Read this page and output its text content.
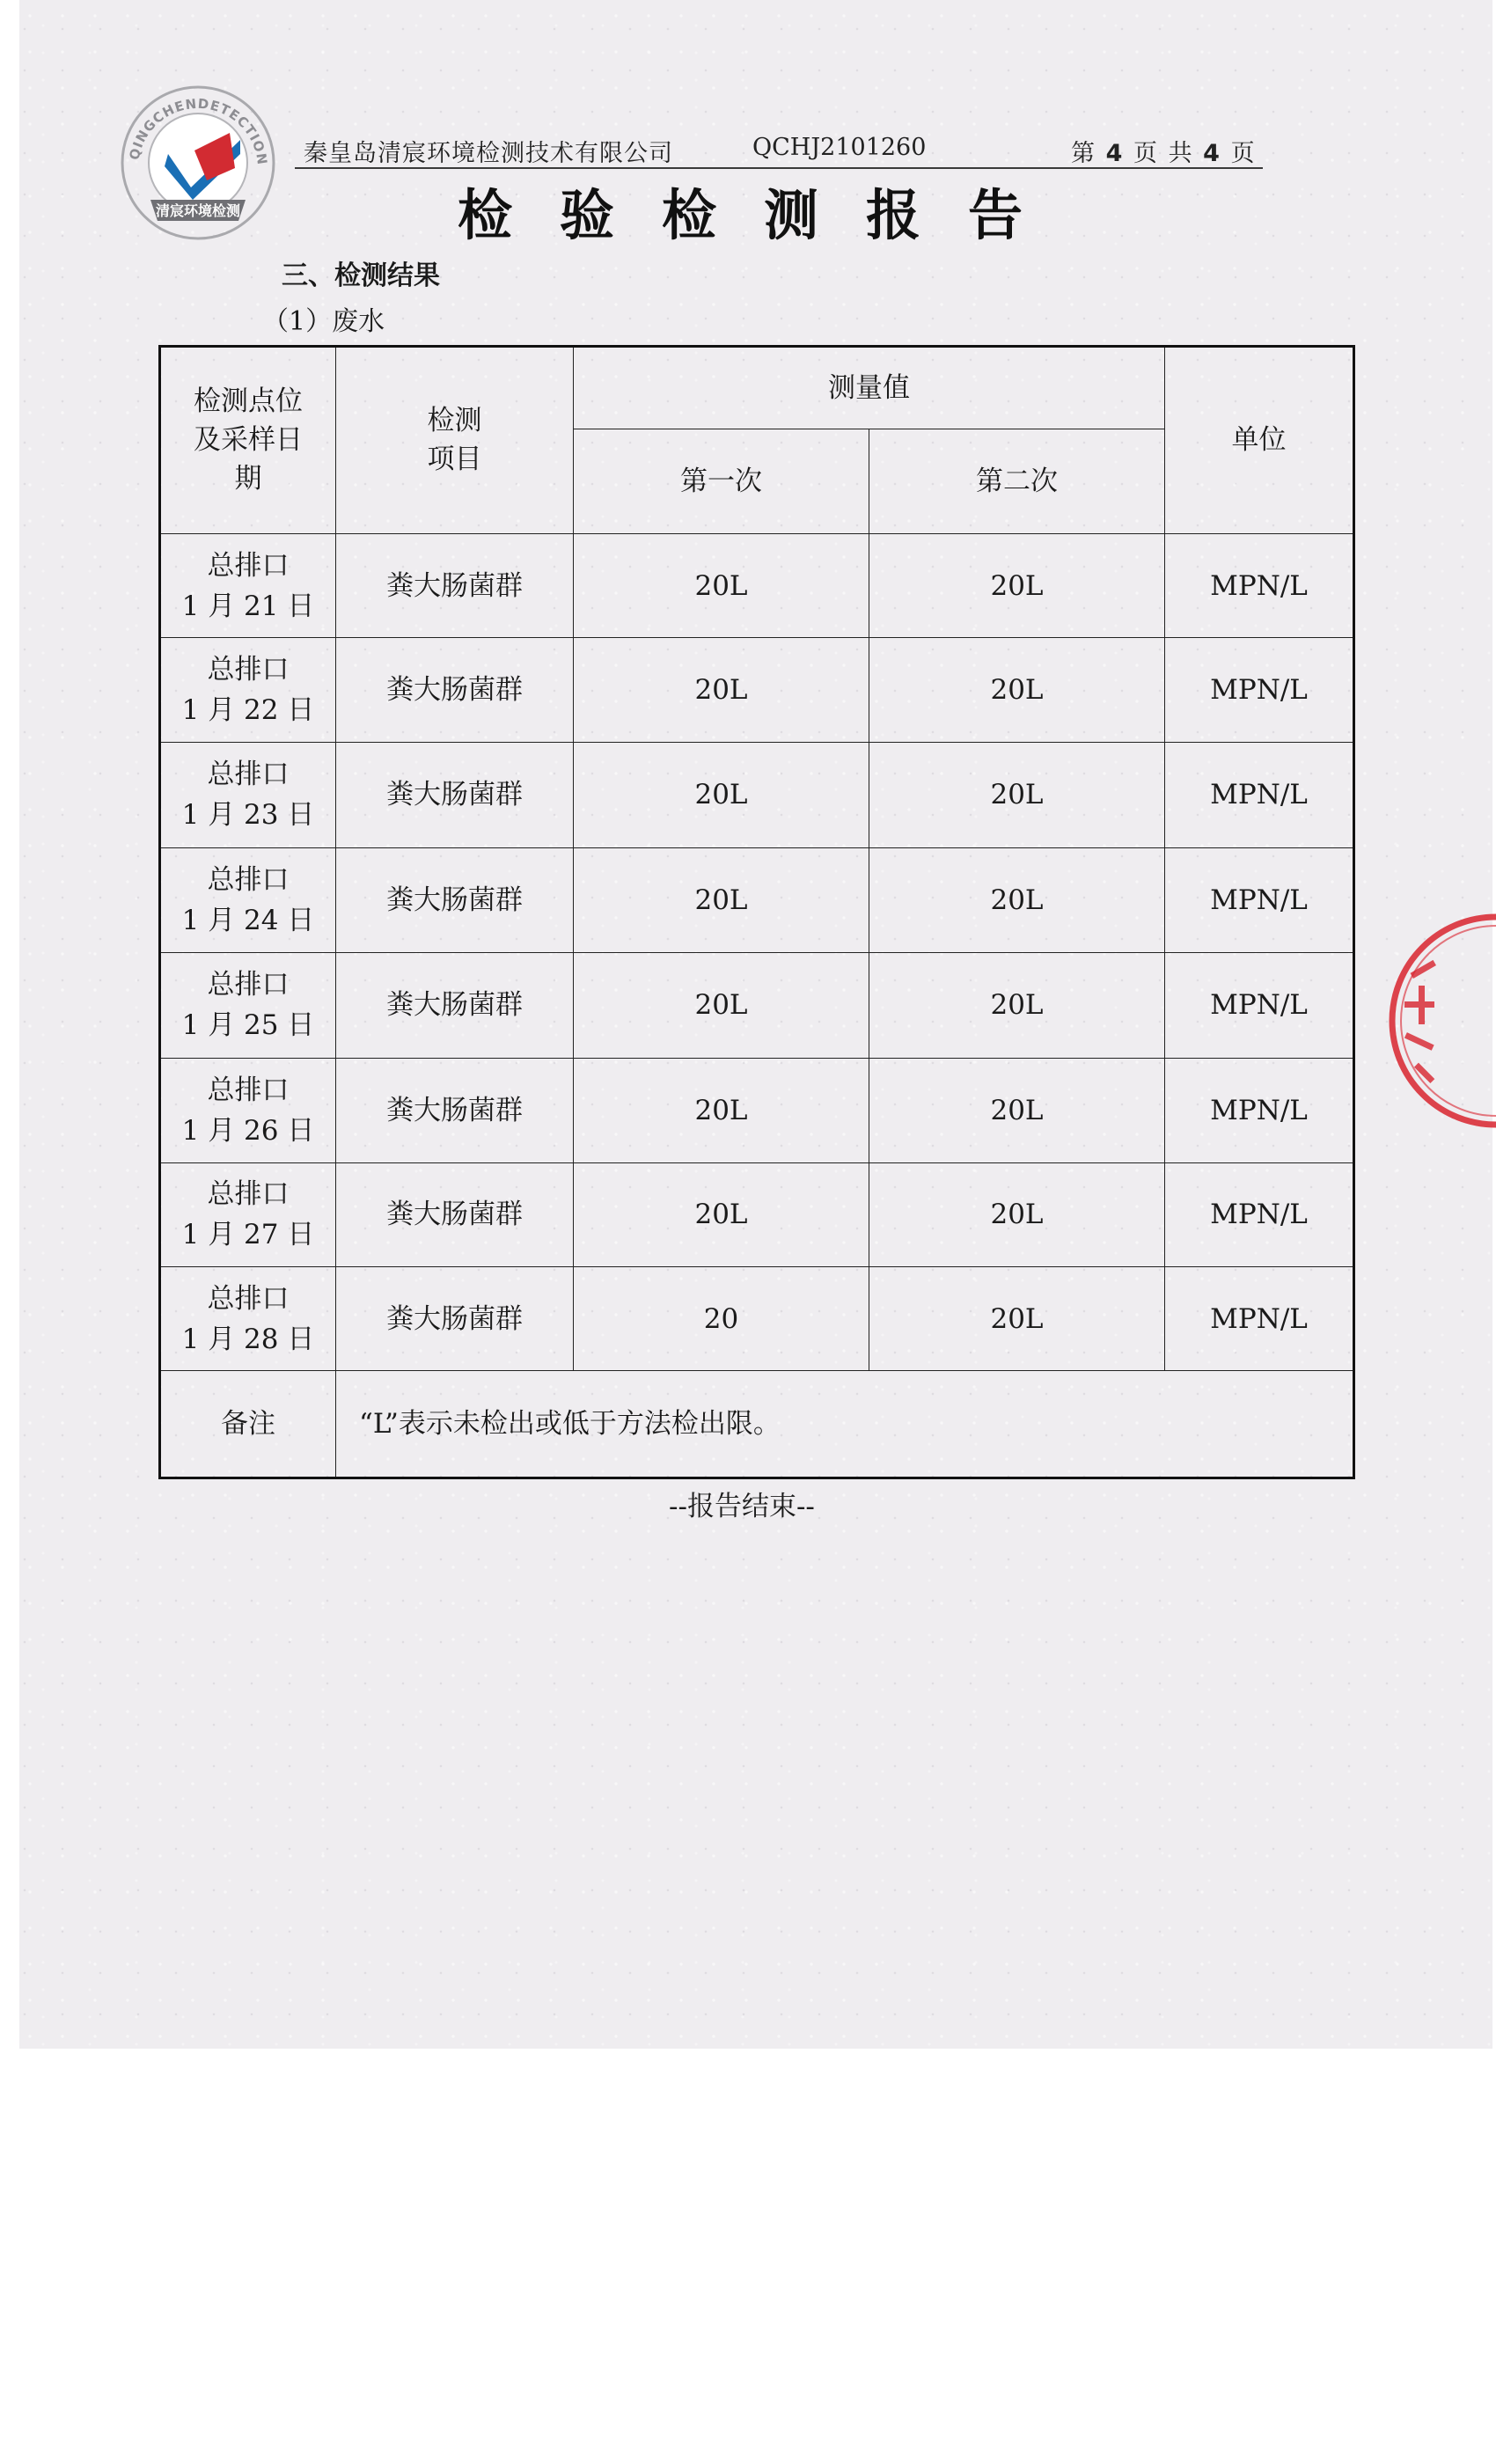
QINGCHENDETECTION
清宸环境检测
秦皇岛清宸环境检测技术有限公司	QCHJ2101260	第 4 页 共 4 页
检验检测报告
三、检测结果
（1）废水
检测点位及采样日期	检测项目	测量值		单位
		第一次	第二次	

总排口
1 月 21 日	粪大肠菌群	20L	20L	MPN/L

总排口
1 月 22 日	粪大肠菌群	20L	20L	MPN/L

总排口
1 月 23 日	粪大肠菌群	20L	20L	MPN/L

总排口
1 月 24 日	粪大肠菌群	20L	20L	MPN/L

总排口
1 月 25 日	粪大肠菌群	20L	20L	MPN/L

总排口
1 月 26 日	粪大肠菌群	20L	20L	MPN/L

总排口
1 月 27 日	粪大肠菌群	20L	20L	MPN/L

总排口
1 月 28 日	粪大肠菌群	20	20L	MPN/L
备注	“L”表示未检出或低于方法检出限。			
--报告结束--
